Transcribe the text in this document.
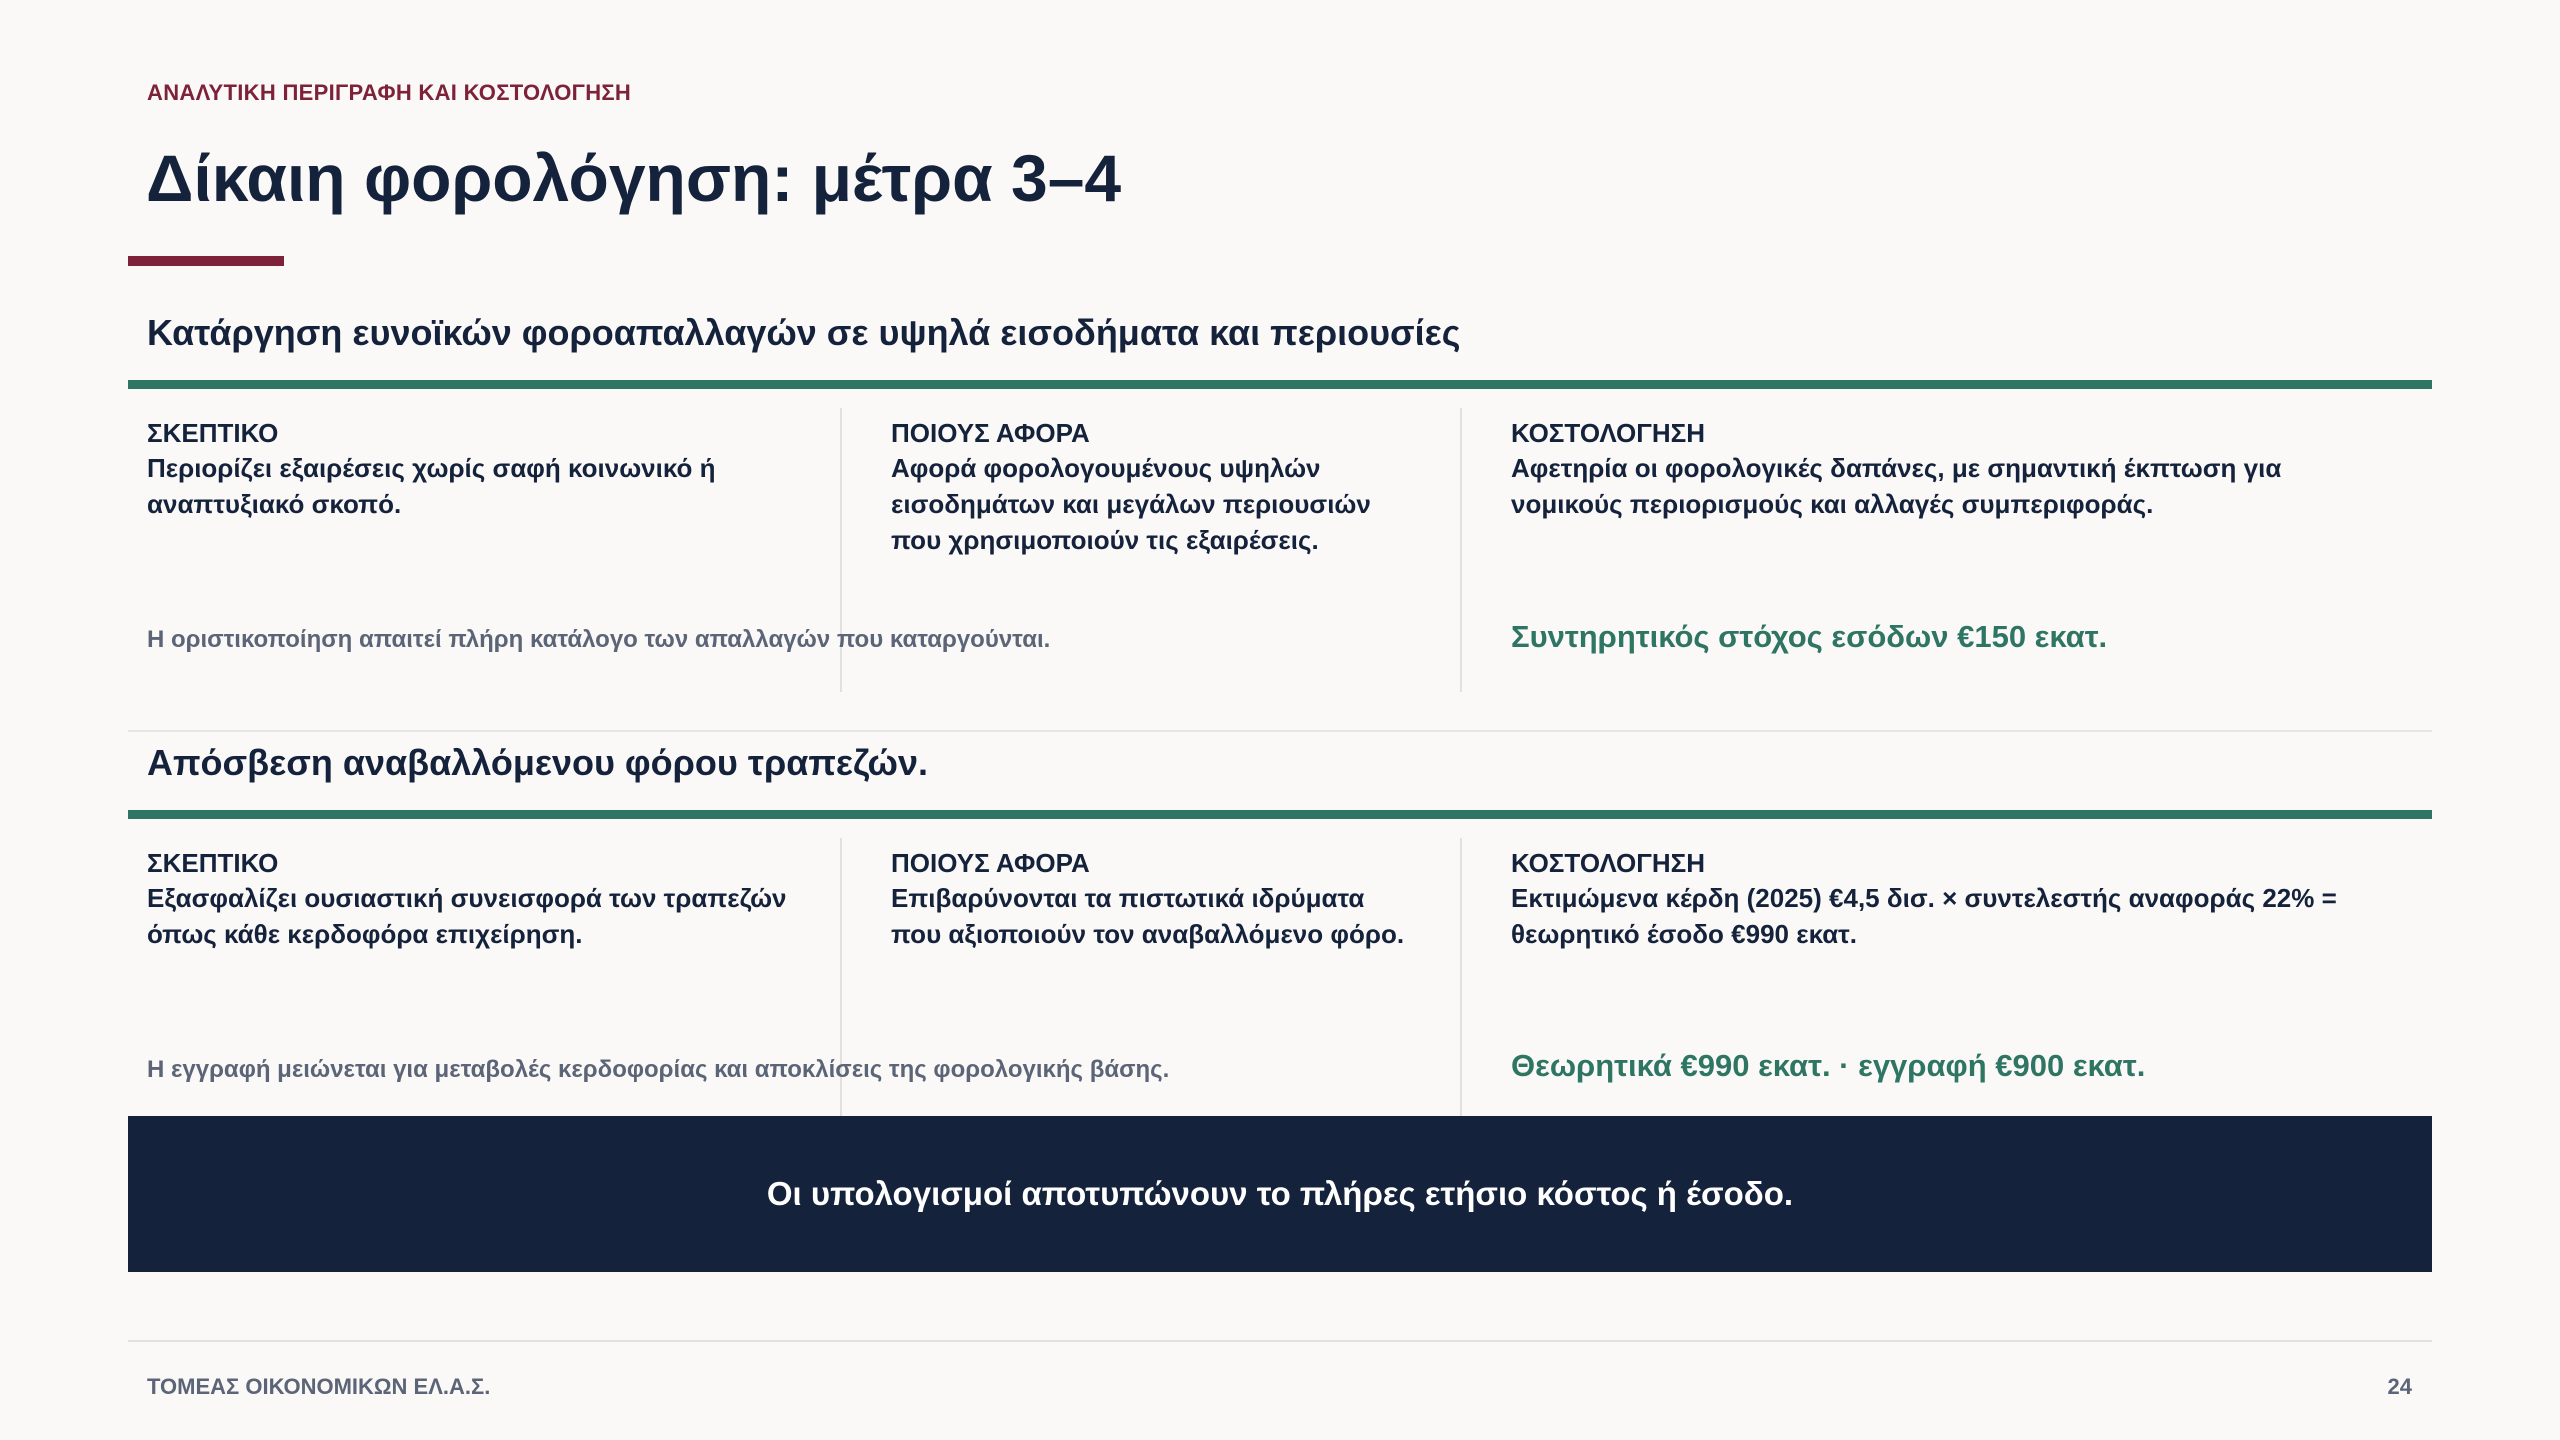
ΑΝΑΛΥΤΙΚΗ ΠΕΡΙΓΡΑΦΗ ΚΑΙ ΚΟΣΤΟΛΟΓΗΣΗ
Δίκαιη φορολόγηση: μέτρα 3–4
Κατάργηση ευνοϊκών φοροαπαλλαγών σε υψηλά εισοδήματα και περιουσίες
ΣΚΕΠΤΙΚΟ
Περιορίζει εξαιρέσεις χωρίς σαφή κοινωνικό ή αναπτυξιακό σκοπό.
ΠΟΙΟΥΣ ΑΦΟΡΑ
Αφορά φορολογουμένους υψηλών εισοδημάτων και μεγάλων περιουσιών που χρησιμοποιούν τις εξαιρέσεις.
ΚΟΣΤΟΛΟΓΗΣΗ
Αφετηρία οι φορολογικές δαπάνες, με σημαντική έκπτωση για νομικούς περιορισμούς και αλλαγές συμπεριφοράς.
Η οριστικοποίηση απαιτεί πλήρη κατάλογο των απαλλαγών που καταργούνται.	Συντηρητικός στόχος εσόδων €150 εκατ.
Απόσβεση αναβαλλόμενου φόρου τραπεζών.
ΣΚΕΠΤΙΚΟ
Εξασφαλίζει ουσιαστική συνεισφορά των τραπεζών όπως κάθε κερδοφόρα επιχείρηση.
ΠΟΙΟΥΣ ΑΦΟΡΑ
Επιβαρύνονται τα πιστωτικά ιδρύματα που αξιοποιούν τον αναβαλλόμενο φόρο.
ΚΟΣΤΟΛΟΓΗΣΗ
Εκτιμώμενα κέρδη (2025) €4,5 δισ. × συντελεστής αναφοράς 22% = θεωρητικό έσοδο €990 εκατ.
Η εγγραφή μειώνεται για μεταβολές κερδοφορίας και αποκλίσεις της φορολογικής βάσης.	Θεωρητικά €990 εκατ. · εγγραφή €900 εκατ.
Οι υπολογισμοί αποτυπώνουν το πλήρες ετήσιο κόστος ή έσοδο.
ΤΟΜΕΑΣ ΟΙΚΟΝΟΜΙΚΩΝ ΕΛ.Α.Σ.	24
